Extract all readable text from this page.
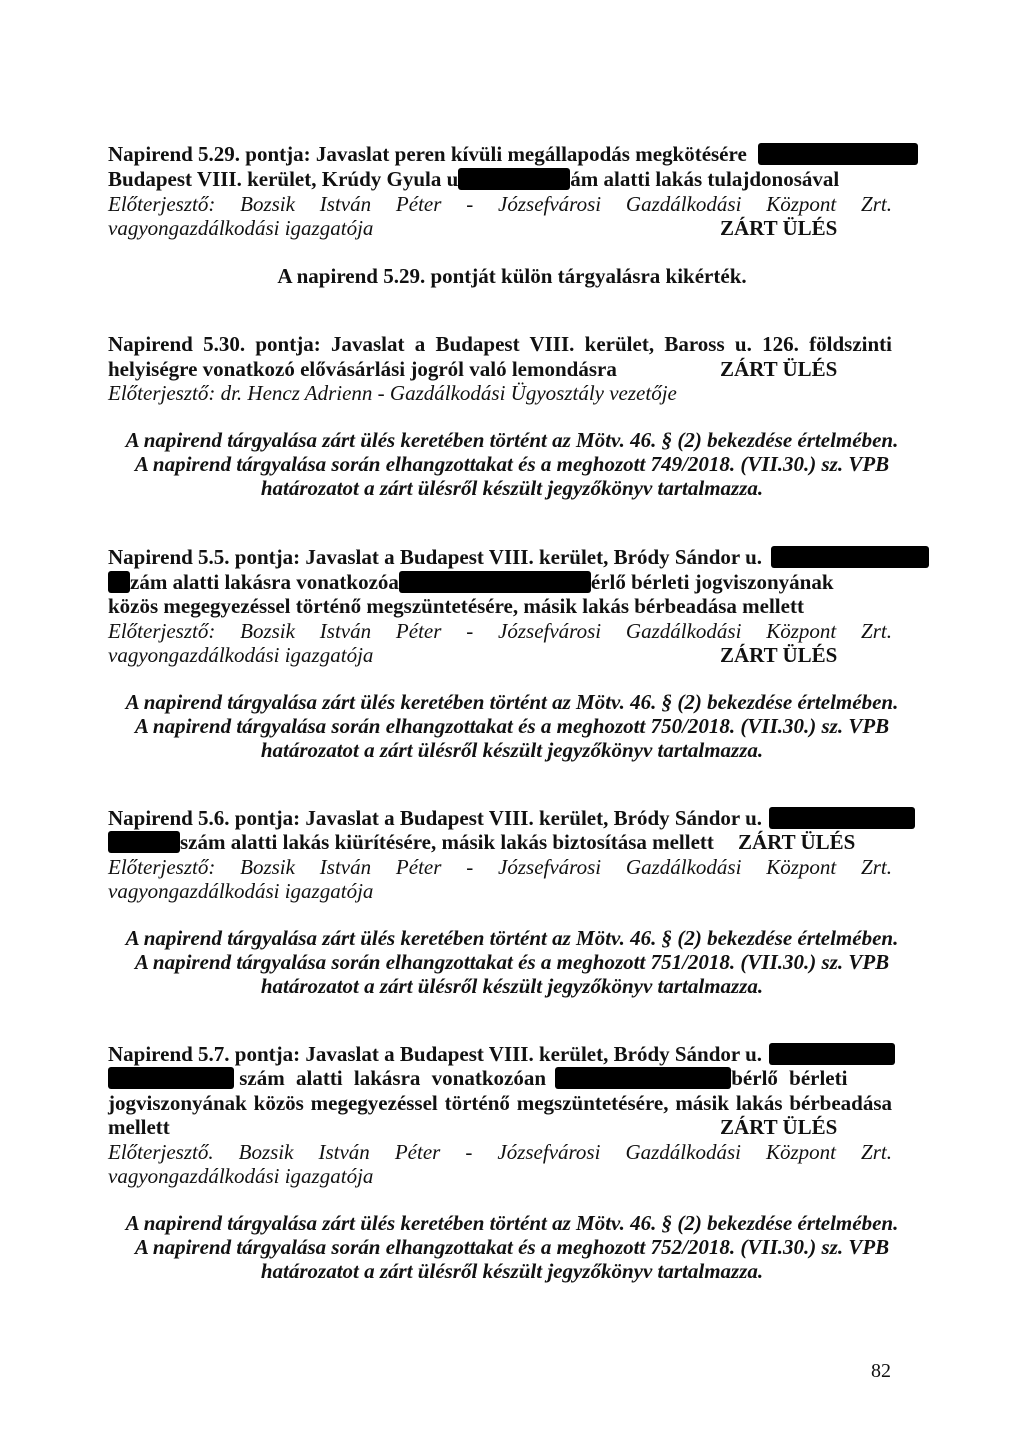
Napirend 5.29. pontja: Javaslat peren kívüli megállapodás megkötésére
Budapest VIII. kerület, Krúdy Gyula u	ám alatti lakás tulajdonosával
Előterjesztő: Bozsik István Péter - Józsefvárosi Gazdálkodási Központ Zrt.
vagyongazdálkodási igazgatója	ZÁRT ÜLÉS
A napirend 5.29. pontját külön tárgyalásra kikérték.
Napirend 5.30. pontja: Javaslat a Budapest VIII. kerület, Baross u. 126. földszinti
helyiségre vonatkozó elővásárlási jogról való lemondásra	ZÁRT ÜLÉS
Előterjesztő: dr. Hencz Adrienn - Gazdálkodási Ügyosztály vezetője
A napirend tárgyalása zárt ülés keretében történt az Mötv. 46. § (2) bekezdése értelmében.
A napirend tárgyalása során elhangzottakat és a meghozott 749/2018. (VII.30.) sz. VPB
határozatot a zárt ülésről készült jegyzőkönyv tartalmazza.
Napirend 5.5. pontja: Javaslat a Budapest VIII. kerület, Bródy Sándor u.
zám alatti lakásra vonatkozóa	érlő bérleti jogviszonyának
közös megegyezéssel történő megszüntetésére, másik lakás bérbeadása mellett
Előterjesztő: Bozsik István Péter - Józsefvárosi Gazdálkodási Központ Zrt.
vagyongazdálkodási igazgatója	ZÁRT ÜLÉS
A napirend tárgyalása zárt ülés keretében történt az Mötv. 46. § (2) bekezdése értelmében.
A napirend tárgyalása során elhangzottakat és a meghozott 750/2018. (VII.30.) sz. VPB
határozatot a zárt ülésről készült jegyzőkönyv tartalmazza.
Napirend 5.6. pontja: Javaslat a Budapest VIII. kerület, Bródy Sándor u.
szám alatti lakás kiürítésére, másik lakás biztosítása mellett	ZÁRT ÜLÉS
Előterjesztő: Bozsik István Péter - Józsefvárosi Gazdálkodási Központ Zrt.
vagyongazdálkodási igazgatója
A napirend tárgyalása zárt ülés keretében történt az Mötv. 46. § (2) bekezdése értelmében.
A napirend tárgyalása során elhangzottakat és a meghozott 751/2018. (VII.30.) sz. VPB
határozatot a zárt ülésről készült jegyzőkönyv tartalmazza.
Napirend 5.7. pontja: Javaslat a Budapest VIII. kerület, Bródy Sándor u.
szám alatti lakásra vonatkozóan	bérlő bérleti
jogviszonyának közös megegyezéssel történő megszüntetésére, másik lakás bérbeadása
mellett	ZÁRT ÜLÉS
Előterjesztő. Bozsik István Péter - Józsefvárosi Gazdálkodási Központ Zrt.
vagyongazdálkodási igazgatója
A napirend tárgyalása zárt ülés keretében történt az Mötv. 46. § (2) bekezdése értelmében.
A napirend tárgyalása során elhangzottakat és a meghozott 752/2018. (VII.30.) sz. VPB
határozatot a zárt ülésről készült jegyzőkönyv tartalmazza.
82
